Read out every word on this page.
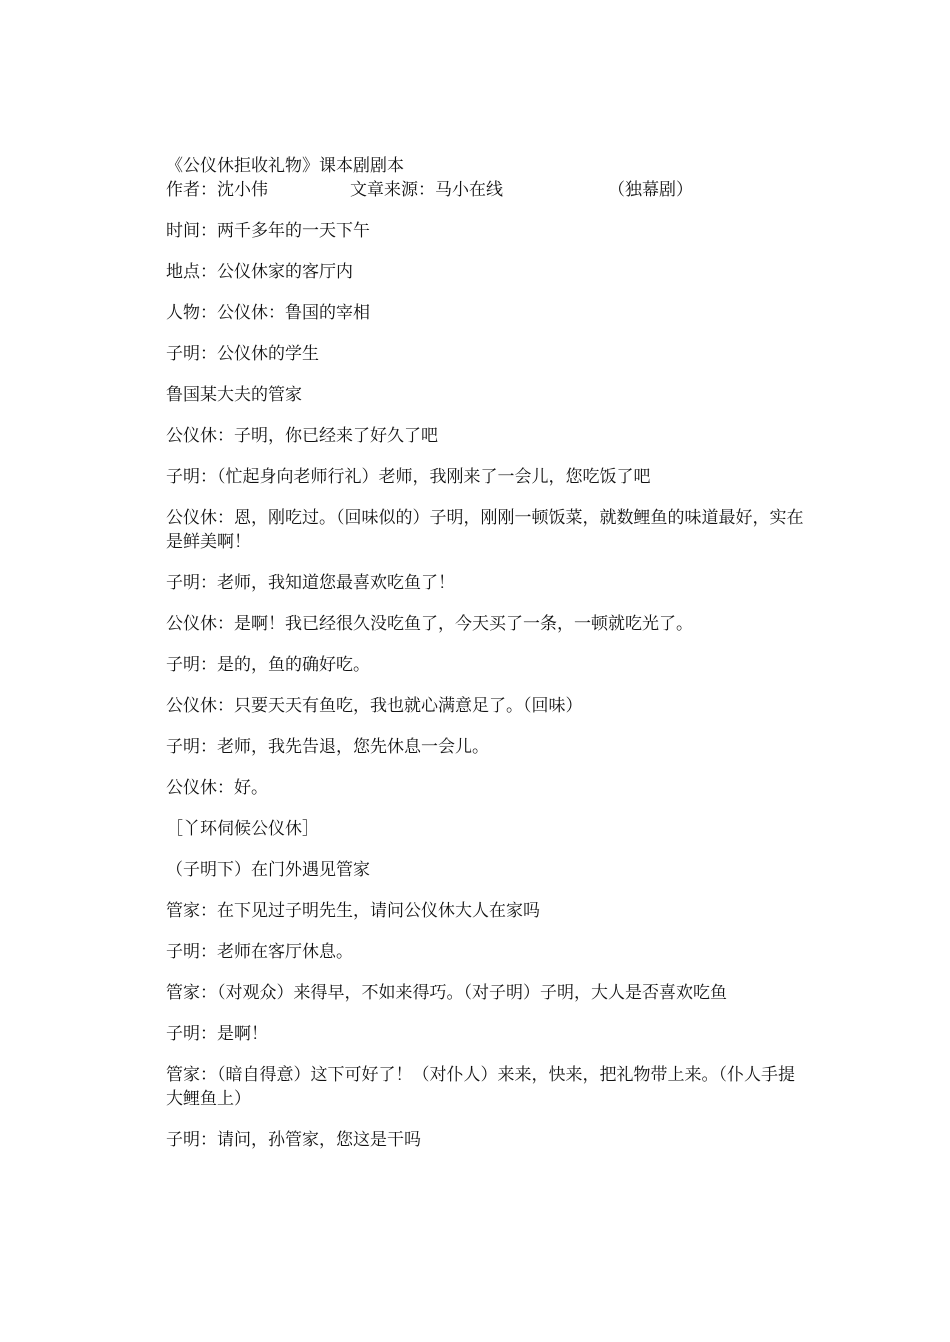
《公仪休拒收礼物》课本剧剧本
作者：沈小伟	文章来源：马小在线	（独幕剧）

时间：两千多年的一天下午

地点：公仪休家的客厅内

人物：公仪休：鲁国的宰相

子明：公仪休的学生

鲁国某大夫的管家

公仪休：子明，你已经来了好久了吧

子明：（忙起身向老师行礼）老师，我刚来了一会儿，您吃饭了吧

公仪休：恩，刚吃过。（回味似的）子明，刚刚一顿饭菜，就数鲤鱼的味道最好，实在是鲜美啊！

子明：老师，我知道您最喜欢吃鱼了！

公仪休：是啊！我已经很久没吃鱼了，今天买了一条，一顿就吃光了。

子明：是的，鱼的确好吃。

公仪休：只要天天有鱼吃，我也就心满意足了。（回味）

子明：老师，我先告退，您先休息一会儿。

公仪休：好。

［丫环伺候公仪休］

（子明下）在门外遇见管家

管家：在下见过子明先生，请问公仪休大人在家吗

子明：老师在客厅休息。

管家：（对观众）来得早，不如来得巧。（对子明）子明，大人是否喜欢吃鱼

子明：是啊！

管家：（暗自得意）这下可好了！（对仆人）来来，快来，把礼物带上来。（仆人手提大鲤鱼上）

子明：请问，孙管家，您这是干吗
